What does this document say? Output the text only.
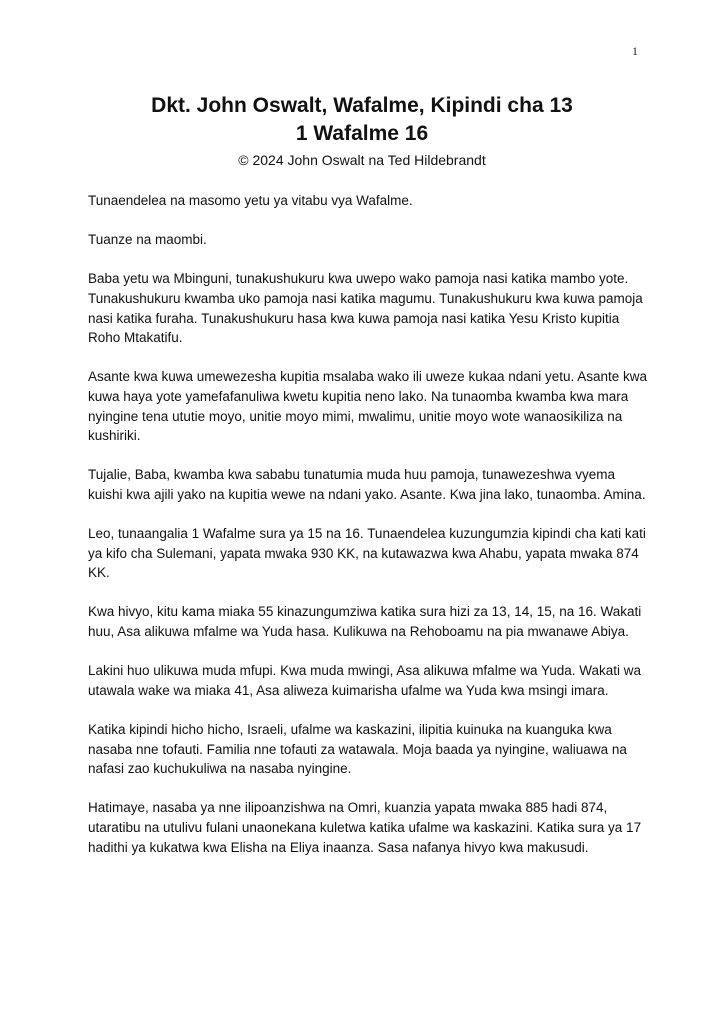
1
Dkt. John Oswalt, Wafalme, Kipindi cha 13
1 Wafalme 16
© 2024 John Oswalt na Ted Hildebrandt

Tunaendelea na masomo yetu ya vitabu vya Wafalme.

Tuanze na maombi.

Baba yetu wa Mbinguni, tunakushukuru kwa uwepo wako pamoja nasi katika mambo yote. Tunakushukuru kwamba uko pamoja nasi katika magumu. Tunakushukuru kwa kuwa pamoja nasi katika furaha. Tunakushukuru hasa kwa kuwa pamoja nasi katika Yesu Kristo kupitia Roho Mtakatifu.

Asante kwa kuwa umewezesha kupitia msalaba wako ili uweze kukaa ndani yetu. Asante kwa kuwa haya yote yamefafanuliwa kwetu kupitia neno lako. Na tunaomba kwamba kwa mara nyingine tena ututie moyo, unitie moyo mimi, mwalimu, unitie moyo wote wanaosikiliza na kushiriki.

Tujalie, Baba, kwamba kwa sababu tunatumia muda huu pamoja, tunawezeshwa vyema kuishi kwa ajili yako na kupitia wewe na ndani yako. Asante. Kwa jina lako, tunaomba. Amina.

Leo, tunaangalia 1 Wafalme sura ya 15 na 16. Tunaendelea kuzungumzia kipindi cha kati kati ya kifo cha Sulemani, yapata mwaka 930 KK, na kutawazwa kwa Ahabu, yapata mwaka 874 KK.

Kwa hivyo, kitu kama miaka 55 kinazungumziwa katika sura hizi za 13, 14, 15, na 16. Wakati huu, Asa alikuwa mfalme wa Yuda hasa. Kulikuwa na Rehoboamu na pia mwanawe Abiya.

Lakini huo ulikuwa muda mfupi. Kwa muda mwingi, Asa alikuwa mfalme wa Yuda. Wakati wa utawala wake wa miaka 41, Asa aliweza kuimarisha ufalme wa Yuda kwa msingi imara.

Katika kipindi hicho hicho, Israeli, ufalme wa kaskazini, ilipitia kuinuka na kuanguka kwa nasaba nne tofauti. Familia nne tofauti za watawala. Moja baada ya nyingine, waliuawa na nafasi zao kuchukuliwa na nasaba nyingine.

Hatimaye, nasaba ya nne ilipoanzishwa na Omri, kuanzia yapata mwaka 885 hadi 874, utaratibu na utulivu fulani unaonekana kuletwa katika ufalme wa kaskazini. Katika sura ya 17 hadithi ya kukatwa kwa Elisha na Eliya inaanza. Sasa nafanya hivyo kwa makusudi.
